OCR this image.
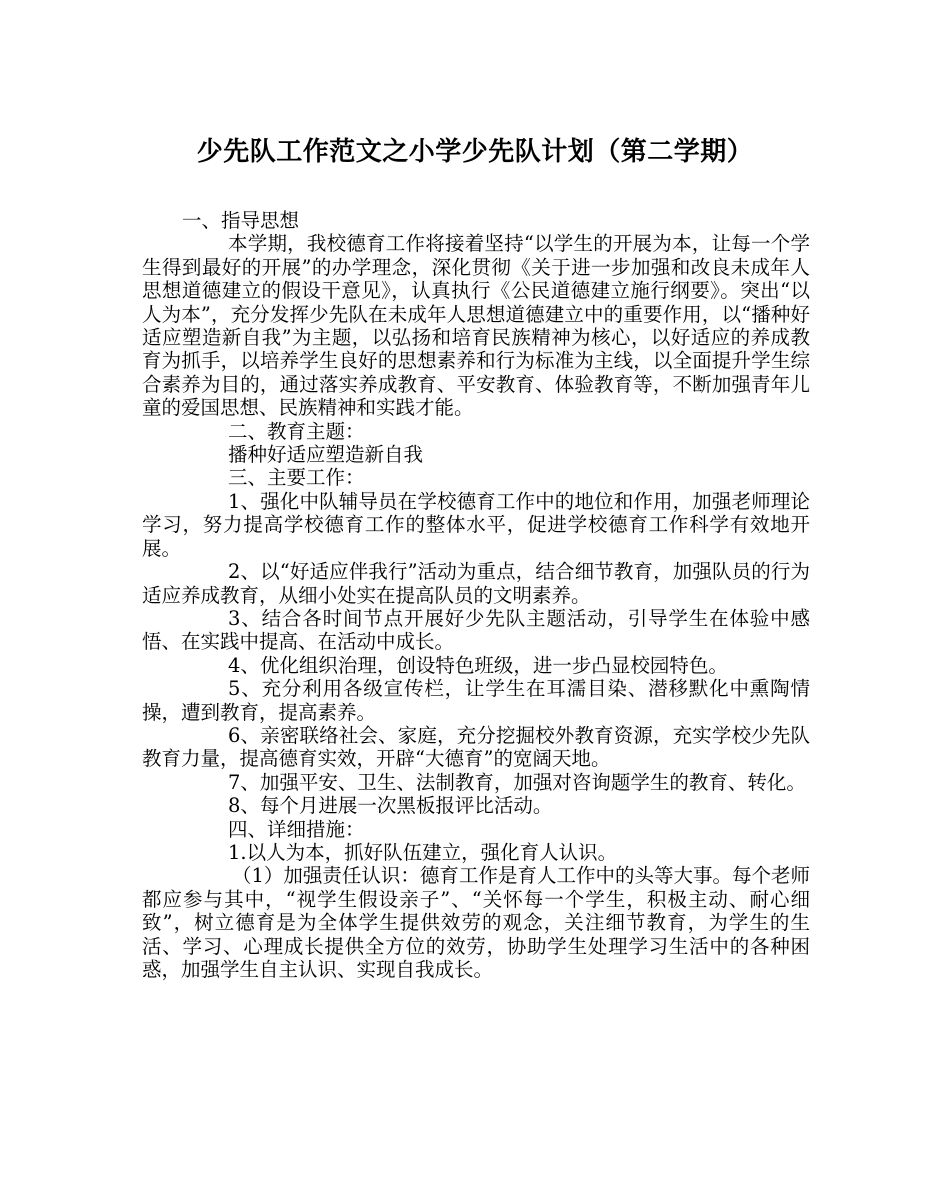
少先队工作范文之小学少先队计划（第二学期）

一、指导思想

本学期，我校德育工作将接着坚持“以学生的开展为本，让每一个学生得到最好的开展”的办学理念，深化贯彻《关于进一步加强和改良未成年人思想道德建立的假设干意见》，认真执行《公民道德建立施行纲要》。突出“以人为本”，充分发挥少先队在未成年人思想道德建立中的重要作用，以“播种好适应塑造新自我”为主题，以弘扬和培育民族精神为核心，以好适应的养成教育为抓手，以培养学生良好的思想素养和行为标准为主线，以全面提升学生综合素养为目的，通过落实养成教育、平安教育、体验教育等，不断加强青年儿童的爱国思想、民族精神和实践才能。

二、教育主题：

播种好适应塑造新自我

三、主要工作：

1、强化中队辅导员在学校德育工作中的地位和作用，加强老师理论学习，努力提高学校德育工作的整体水平，促进学校德育工作科学有效地开展。

2、以“好适应伴我行”活动为重点，结合细节教育，加强队员的行为适应养成教育，从细小处实在提高队员的文明素养。

3、结合各时间节点开展好少先队主题活动，引导学生在体验中感悟、在实践中提高、在活动中成长。

4、优化组织治理，创设特色班级，进一步凸显校园特色。

5、充分利用各级宣传栏，让学生在耳濡目染、潜移默化中熏陶情操，遭到教育，提高素养。

6、亲密联络社会、家庭，充分挖掘校外教育资源，充实学校少先队教育力量，提高德育实效，开辟“大德育”的宽阔天地。

7、加强平安、卫生、法制教育，加强对咨询题学生的教育、转化。

8、每个月进展一次黑板报评比活动。

四、详细措施：

1.以人为本，抓好队伍建立，强化育人认识。

（1）加强责任认识：德育工作是育人工作中的头等大事。每个老师都应参与其中，“视学生假设亲子”、“关怀每一个学生，积极主动、耐心细致”，树立德育是为全体学生提供效劳的观念，关注细节教育，为学生的生活、学习、心理成长提供全方位的效劳，协助学生处理学习生活中的各种困惑，加强学生自主认识、实现自我成长。
